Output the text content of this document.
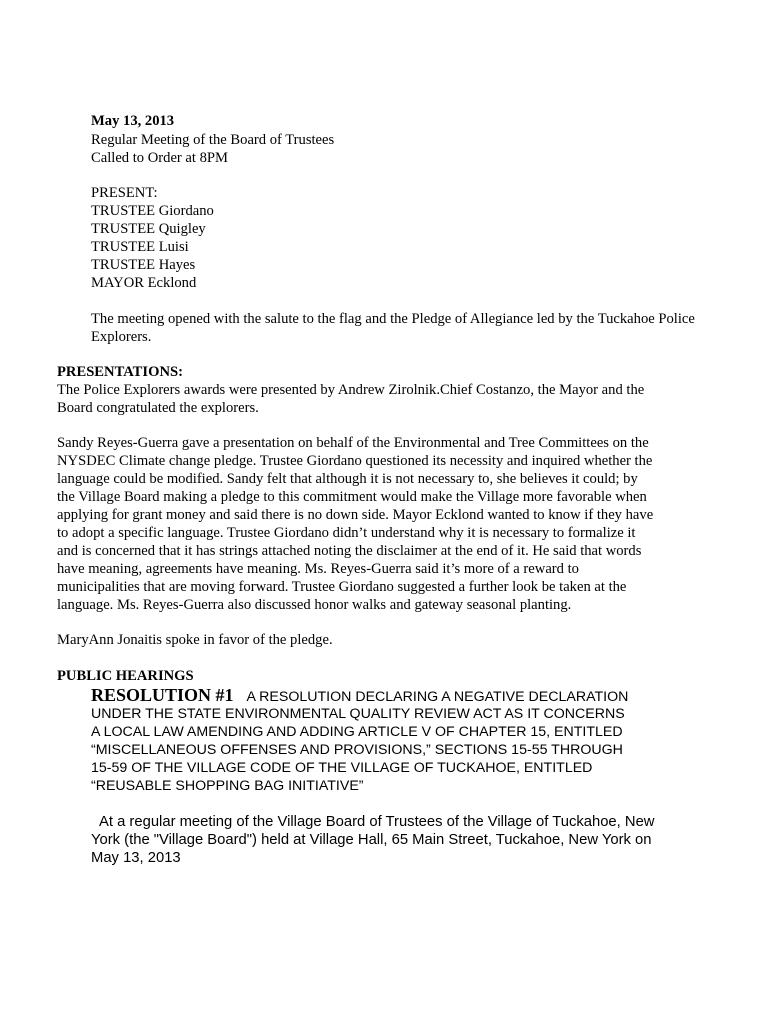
May 13, 2013
Regular Meeting of the Board of Trustees
Called to Order at 8PM
PRESENT:
TRUSTEE Giordano
TRUSTEE Quigley
TRUSTEE Luisi
TRUSTEE Hayes
MAYOR Ecklond
The meeting opened with the salute to the flag and the Pledge of Allegiance led by the Tuckahoe Police
Explorers.
PRESENTATIONS:
The Police Explorers awards were presented by Andrew Zirolnik.Chief Costanzo, the Mayor and the
Board congratulated the explorers.
Sandy Reyes-Guerra gave a presentation on behalf of the Environmental and Tree Committees on the
NYSDEC Climate change pledge. Trustee Giordano questioned its necessity and inquired whether the
language could be modified. Sandy felt that although it is not necessary to, she believes it could; by
the Village Board making a pledge to this commitment would make the Village more favorable when
applying for grant money and said there is no down side. Mayor Ecklond wanted to know if they have
to adopt a specific language. Trustee Giordano didn’t understand why it is necessary to formalize it
and is concerned that it has strings attached noting the disclaimer at the end of it. He said that words
have meaning, agreements have meaning. Ms. Reyes-Guerra said it’s more of a reward to
municipalities that are moving forward. Trustee Giordano suggested a further look be taken at the
language. Ms. Reyes-Guerra also discussed honor walks and gateway seasonal planting.
MaryAnn Jonaitis spoke in favor of the pledge.
PUBLIC HEARINGS
RESOLUTION #1 A RESOLUTION DECLARING A NEGATIVE DECLARATION
UNDER THE STATE ENVIRONMENTAL QUALITY REVIEW ACT AS IT CONCERNS
A LOCAL LAW AMENDING AND ADDING ARTICLE V OF CHAPTER 15, ENTITLED
“MISCELLANEOUS OFFENSES AND PROVISIONS,” SECTIONS 15-55 THROUGH
15-59 OF THE VILLAGE CODE OF THE VILLAGE OF TUCKAHOE, ENTITLED
“REUSABLE SHOPPING BAG INITIATIVE”
At a regular meeting of the Village Board of Trustees of the Village of Tuckahoe, New
York (the "Village Board") held at Village Hall, 65 Main Street, Tuckahoe, New York on
May 13, 2013
